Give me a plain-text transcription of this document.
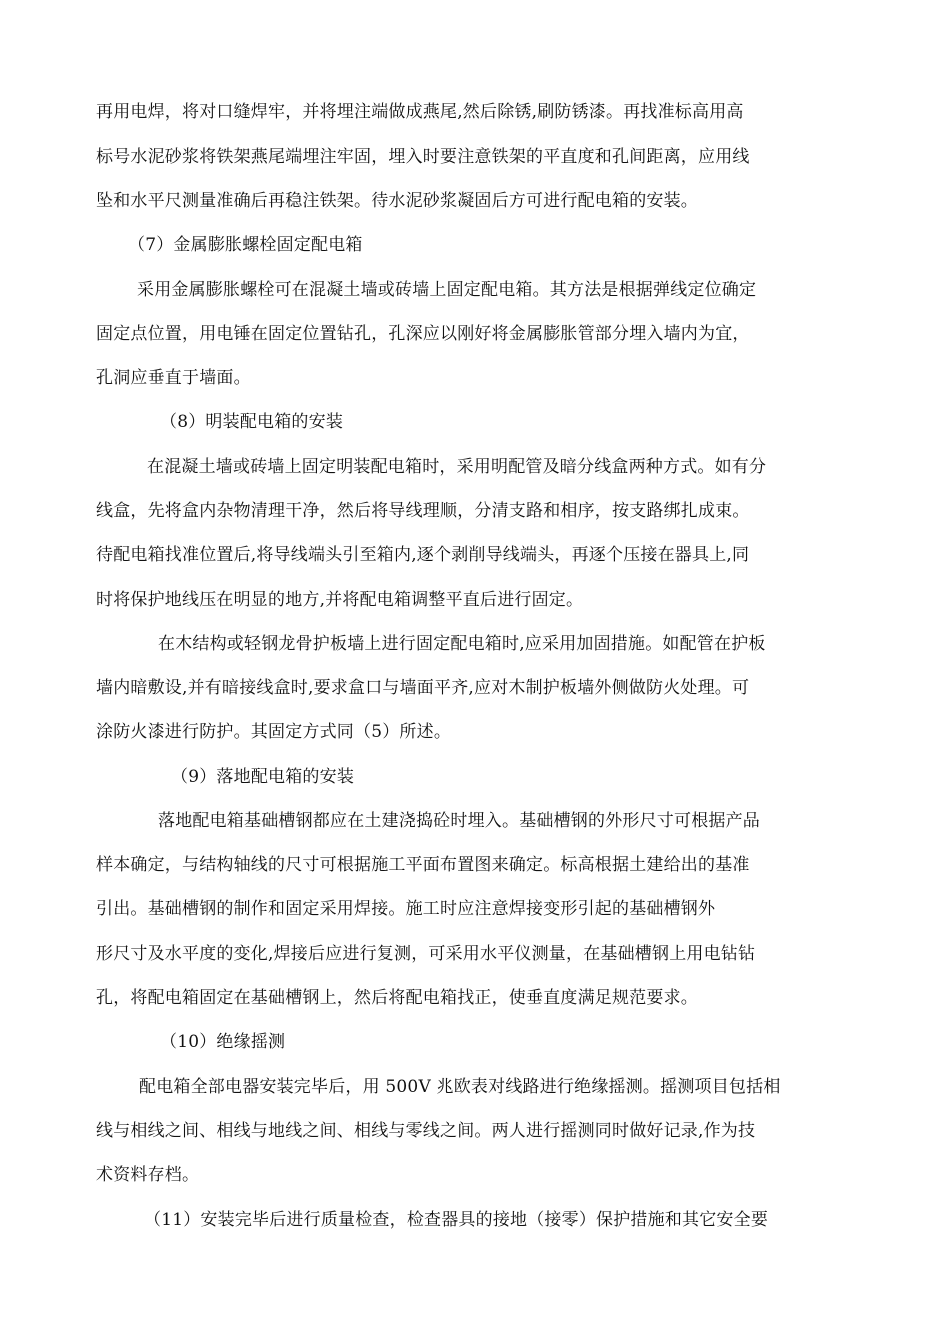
再用电焊，将对口缝焊牢，并将埋注端做成燕尾,然后除锈,刷防锈漆。再找准标高用高
标号水泥砂浆将铁架燕尾端埋注牢固，埋入时要注意铁架的平直度和孔间距离，应用线
坠和水平尺测量准确后再稳注铁架。待水泥砂浆凝固后方可进行配电箱的安装。
（7）金属膨胀螺栓固定配电箱
采用金属膨胀螺栓可在混凝土墙或砖墙上固定配电箱。其方法是根据弹线定位确定
固定点位置，用电锤在固定位置钻孔，孔深应以刚好将金属膨胀管部分埋入墙内为宜，
孔洞应垂直于墙面。
（8）明装配电箱的安装
在混凝土墙或砖墙上固定明装配电箱时，采用明配管及暗分线盒两种方式。如有分
线盒，先将盒内杂物清理干净，然后将导线理顺，分清支路和相序，按支路绑扎成束。
待配电箱找准位置后,将导线端头引至箱内,逐个剥削导线端头，再逐个压接在器具上,同
时将保护地线压在明显的地方,并将配电箱调整平直后进行固定。
在木结构或轻钢龙骨护板墙上进行固定配电箱时,应采用加固措施。如配管在护板
墙内暗敷设,并有暗接线盒时,要求盒口与墙面平齐,应对木制护板墙外侧做防火处理。可
涂防火漆进行防护。其固定方式同（5）所述。
（9）落地配电箱的安装
落地配电箱基础槽钢都应在土建浇捣砼时埋入。基础槽钢的外形尺寸可根据产品
样本确定，与结构轴线的尺寸可根据施工平面布置图来确定。标高根据土建给出的基准
引出。基础槽钢的制作和固定采用焊接。施工时应注意焊接变形引起的基础槽钢外
形尺寸及水平度的变化,焊接后应进行复测，可采用水平仪测量，在基础槽钢上用电钻钻
孔，将配电箱固定在基础槽钢上，然后将配电箱找正，使垂直度满足规范要求。
（10）绝缘摇测
配电箱全部电器安装完毕后，用 500V 兆欧表对线路进行绝缘摇测。摇测项目包括相
线与相线之间、相线与地线之间、相线与零线之间。两人进行摇测同时做好记录,作为技
术资料存档。
（11）安装完毕后进行质量检查，检查器具的接地（接零）保护措施和其它安全要
